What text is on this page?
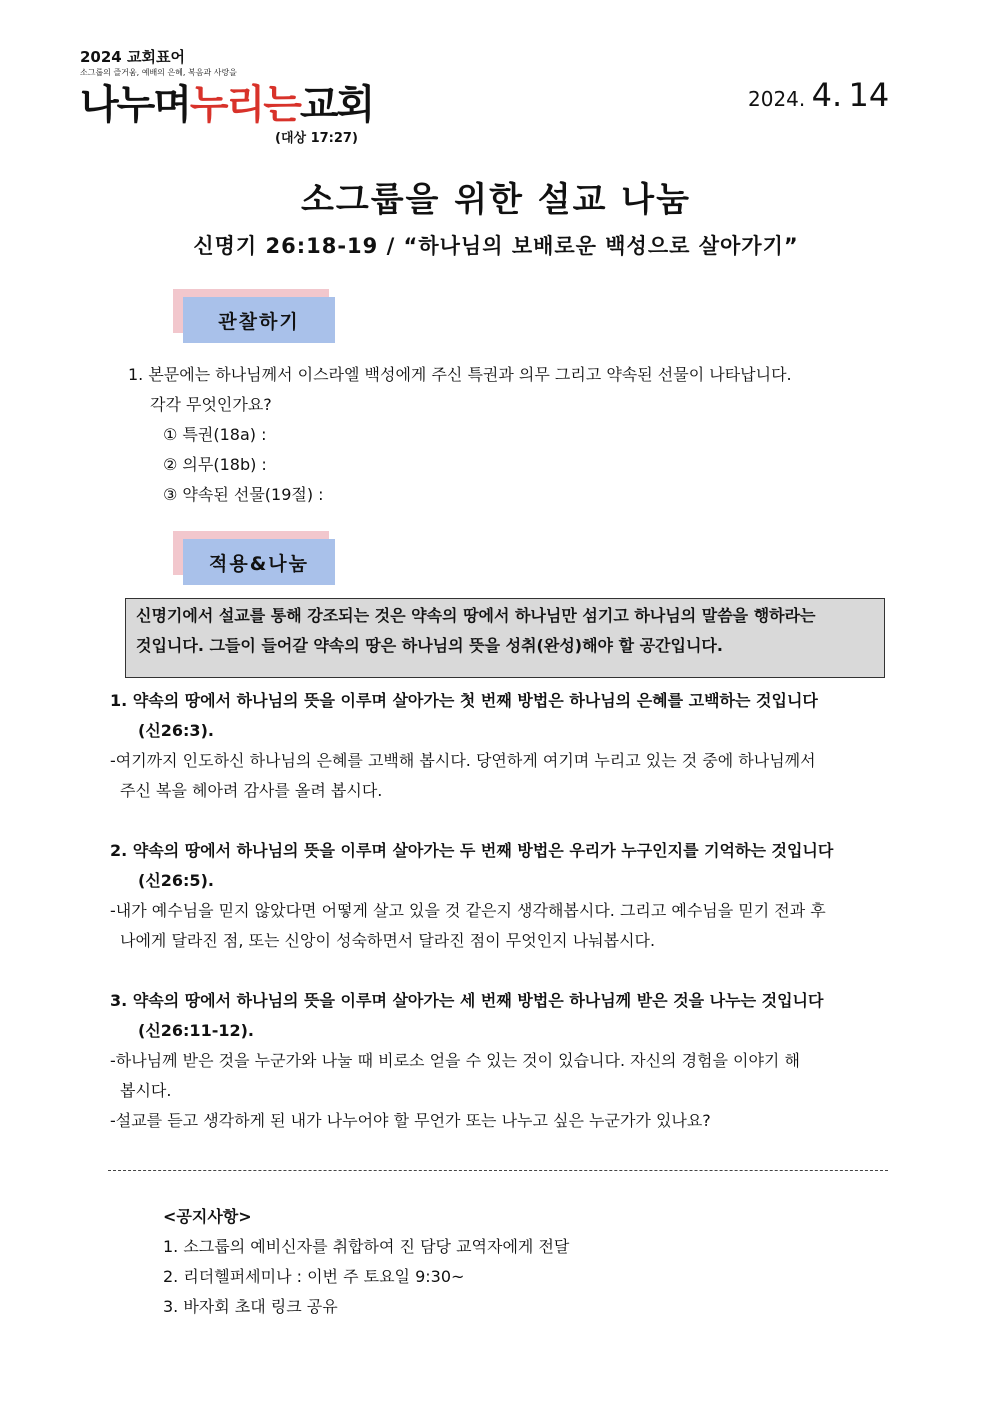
2024 교회표어
소그룹의 즐거움, 예배의 은혜, 복음과 사랑을
나누며누리는교회
(대상 17:27)
2024. 4. 14
소그룹을 위한 설교 나눔
신명기 26:18-19 / “하나님의 보배로운 백성으로 살아가기”
관찰하기
1. 본문에는 하나님께서 이스라엘 백성에게 주신 특권과 의무 그리고 약속된 선물이 나타납니다.
각각 무엇인가요?
① 특권(18a) :
② 의무(18b) :
③ 약속된 선물(19절) :
적용&나눔
신명기에서 설교를 통해 강조되는 것은 약속의 땅에서 하나님만 섬기고 하나님의 말씀을 행하라는
것입니다. 그들이 들어갈 약속의 땅은 하나님의 뜻을 성취(완성)해야 할 공간입니다.
1. 약속의 땅에서 하나님의 뜻을 이루며 살아가는 첫 번째 방법은 하나님의 은혜를 고백하는 것입니다
(신26:3).
-여기까지 인도하신 하나님의 은혜를 고백해 봅시다. 당연하게 여기며 누리고 있는 것 중에 하나님께서
주신 복을 헤아려 감사를 올려 봅시다.
2. 약속의 땅에서 하나님의 뜻을 이루며 살아가는 두 번째 방법은 우리가 누구인지를 기억하는 것입니다
(신26:5).
-내가 예수님을 믿지 않았다면 어떻게 살고 있을 것 같은지 생각해봅시다. 그리고 예수님을 믿기 전과 후
나에게 달라진 점, 또는 신앙이 성숙하면서 달라진 점이 무엇인지 나눠봅시다.
3. 약속의 땅에서 하나님의 뜻을 이루며 살아가는 세 번째 방법은 하나님께 받은 것을 나누는 것입니다
(신26:11-12).
-하나님께 받은 것을 누군가와 나눌 때 비로소 얻을 수 있는 것이 있습니다. 자신의 경험을 이야기 해
봅시다.
-설교를 듣고 생각하게 된 내가 나누어야 할 무언가 또는 나누고 싶은 누군가가 있나요?
<공지사항>
1. 소그룹의 예비신자를 취합하여 진 담당 교역자에게 전달
2. 리더헬퍼세미나 : 이번 주 토요일 9:30~
3. 바자회 초대 링크 공유
